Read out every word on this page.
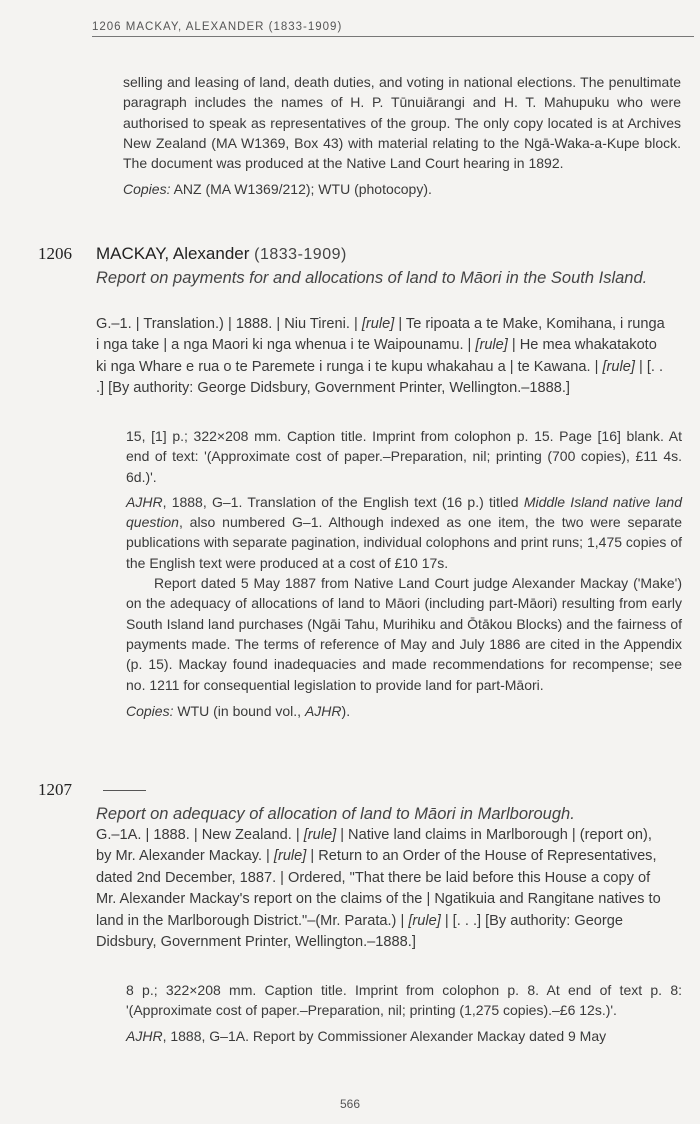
1206 MACKAY, ALEXANDER (1833-1909)

selling and leasing of land, death duties, and voting in national elections. The penultimate paragraph includes the names of H. P. Tūnuiārangi and H. T. Mahupuku who were authorised to speak as representatives of the group. The only copy located is at Archives New Zealand (MA W1369, Box 43) with material relating to the Ngā-Waka-a-Kupe block. The document was produced at the Native Land Court hearing in 1892.

Copies: ANZ (MA W1369/212); WTU (photocopy).

1206 MACKAY, Alexander (1833-1909)
Report on payments for and allocations of land to Māori in the South Island.
G.–1. | Translation.) | 1888. | Niu Tireni. | [rule] | Te ripoata a te Make, Komihana, i runga i nga take | a nga Maori ki nga whenua i te Waipounamu. | [rule] | He mea whakatakoto ki nga Whare e rua o te Paremete i runga i te kupu whakahau a | te Kawana. | [rule] | [. . .] [By authority: George Didsbury, Government Printer, Wellington.–1888.]

15, [1] p.; 322×208 mm. Caption title. Imprint from colophon p. 15. Page [16] blank. At end of text: '(Approximate cost of paper.–Preparation, nil; printing (700 copies), £11 4s. 6d.)'.

AJHR, 1888, G–1. Translation of the English text (16 p.) titled Middle Island native land question, also numbered G–1. Although indexed as one item, the two were separate publications with separate pagination, individual colophons and print runs; 1,475 copies of the English text were produced at a cost of £10 17s.

Report dated 5 May 1887 from Native Land Court judge Alexander Mackay ('Make') on the adequacy of allocations of land to Māori (including part-Māori) resulting from early South Island land purchases (Ngāi Tahu, Murihiku and Ōtākou Blocks) and the fairness of payments made. The terms of reference of May and July 1886 are cited in the Appendix (p. 15). Mackay found inadequacies and made recommendations for recompense; see no. 1211 for consequential legislation to provide land for part-Māori.

Copies: WTU (in bound vol., AJHR).

1207
Report on adequacy of allocation of land to Māori in Marlborough.
G.–1A. | 1888. | New Zealand. | [rule] | Native land claims in Marlborough | (report on), by Mr. Alexander Mackay. | [rule] | Return to an Order of the House of Representatives, dated 2nd December, 1887. | Ordered, "That there be laid before this House a copy of Mr. Alexander Mackay's report on the claims of the | Ngatikuia and Rangitane natives to land in the Marlborough District."–(Mr. Parata.) | [rule] | [. . .] [By authority: George Didsbury, Government Printer, Wellington.–1888.]

8 p.; 322×208 mm. Caption title. Imprint from colophon p. 8. At end of text p. 8: '(Approximate cost of paper.–Preparation, nil; printing (1,275 copies).–£6 12s.)'.

AJHR, 1888, G–1A. Report by Commissioner Alexander Mackay dated 9 May

566
